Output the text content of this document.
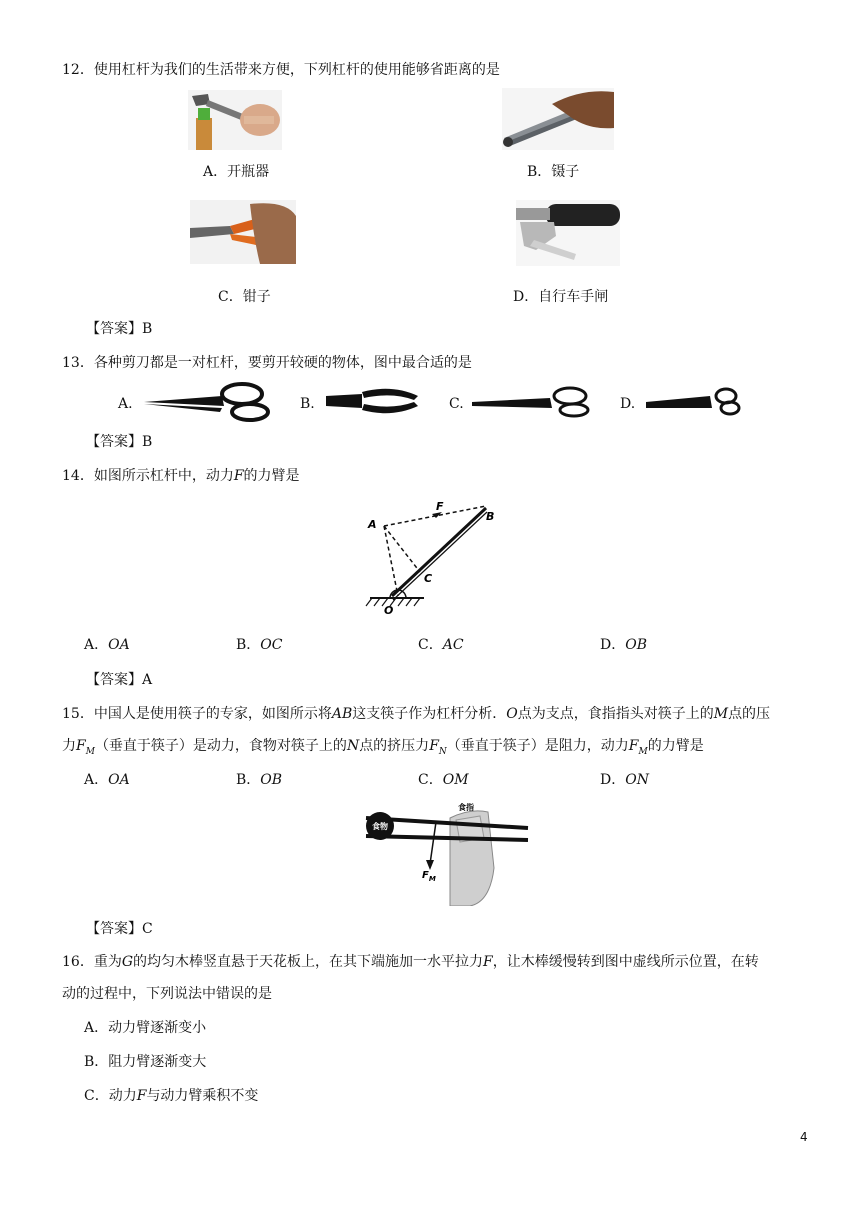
12．使用杠杆为我们的生活带来方便，下列杠杆的使用能够省距离的是
A．开瓶器	B．镊子
C．钳子	D．自行车手闸
【答案】B
13．各种剪刀都是一对杠杆，要剪开较硬的物体，图中最合适的是
A.	B.	C.	D.
【答案】B
14．如图所示杠杆中，动力F的力臂是
A
B
C
O
F
A．OA	B．OC	C．AC	D．OB
【答案】A
15．中国人是使用筷子的专家，如图所示将AB这支筷子作为杠杆分析．O点为支点，食指指头对筷子上的M点的压
力$F_M$（垂直于筷子）是动力，食物对筷子上的N点的挤压力$F_N$（垂直于筷子）是阻力，动力$F_M$的力臂是
A．OA	B．OB	C．OM	D．ON
食物
食指
$F_M$
【答案】C
16．重为G的均匀木棒竖直悬于天花板上，在其下端施加一水平拉力F，让木棒缓慢转到图中虚线所示位置，在转
动的过程中，下列说法中错误的是
A．动力臂逐渐变小
B．阻力臂逐渐变大
C．动力F与动力臂乘积不变
4
